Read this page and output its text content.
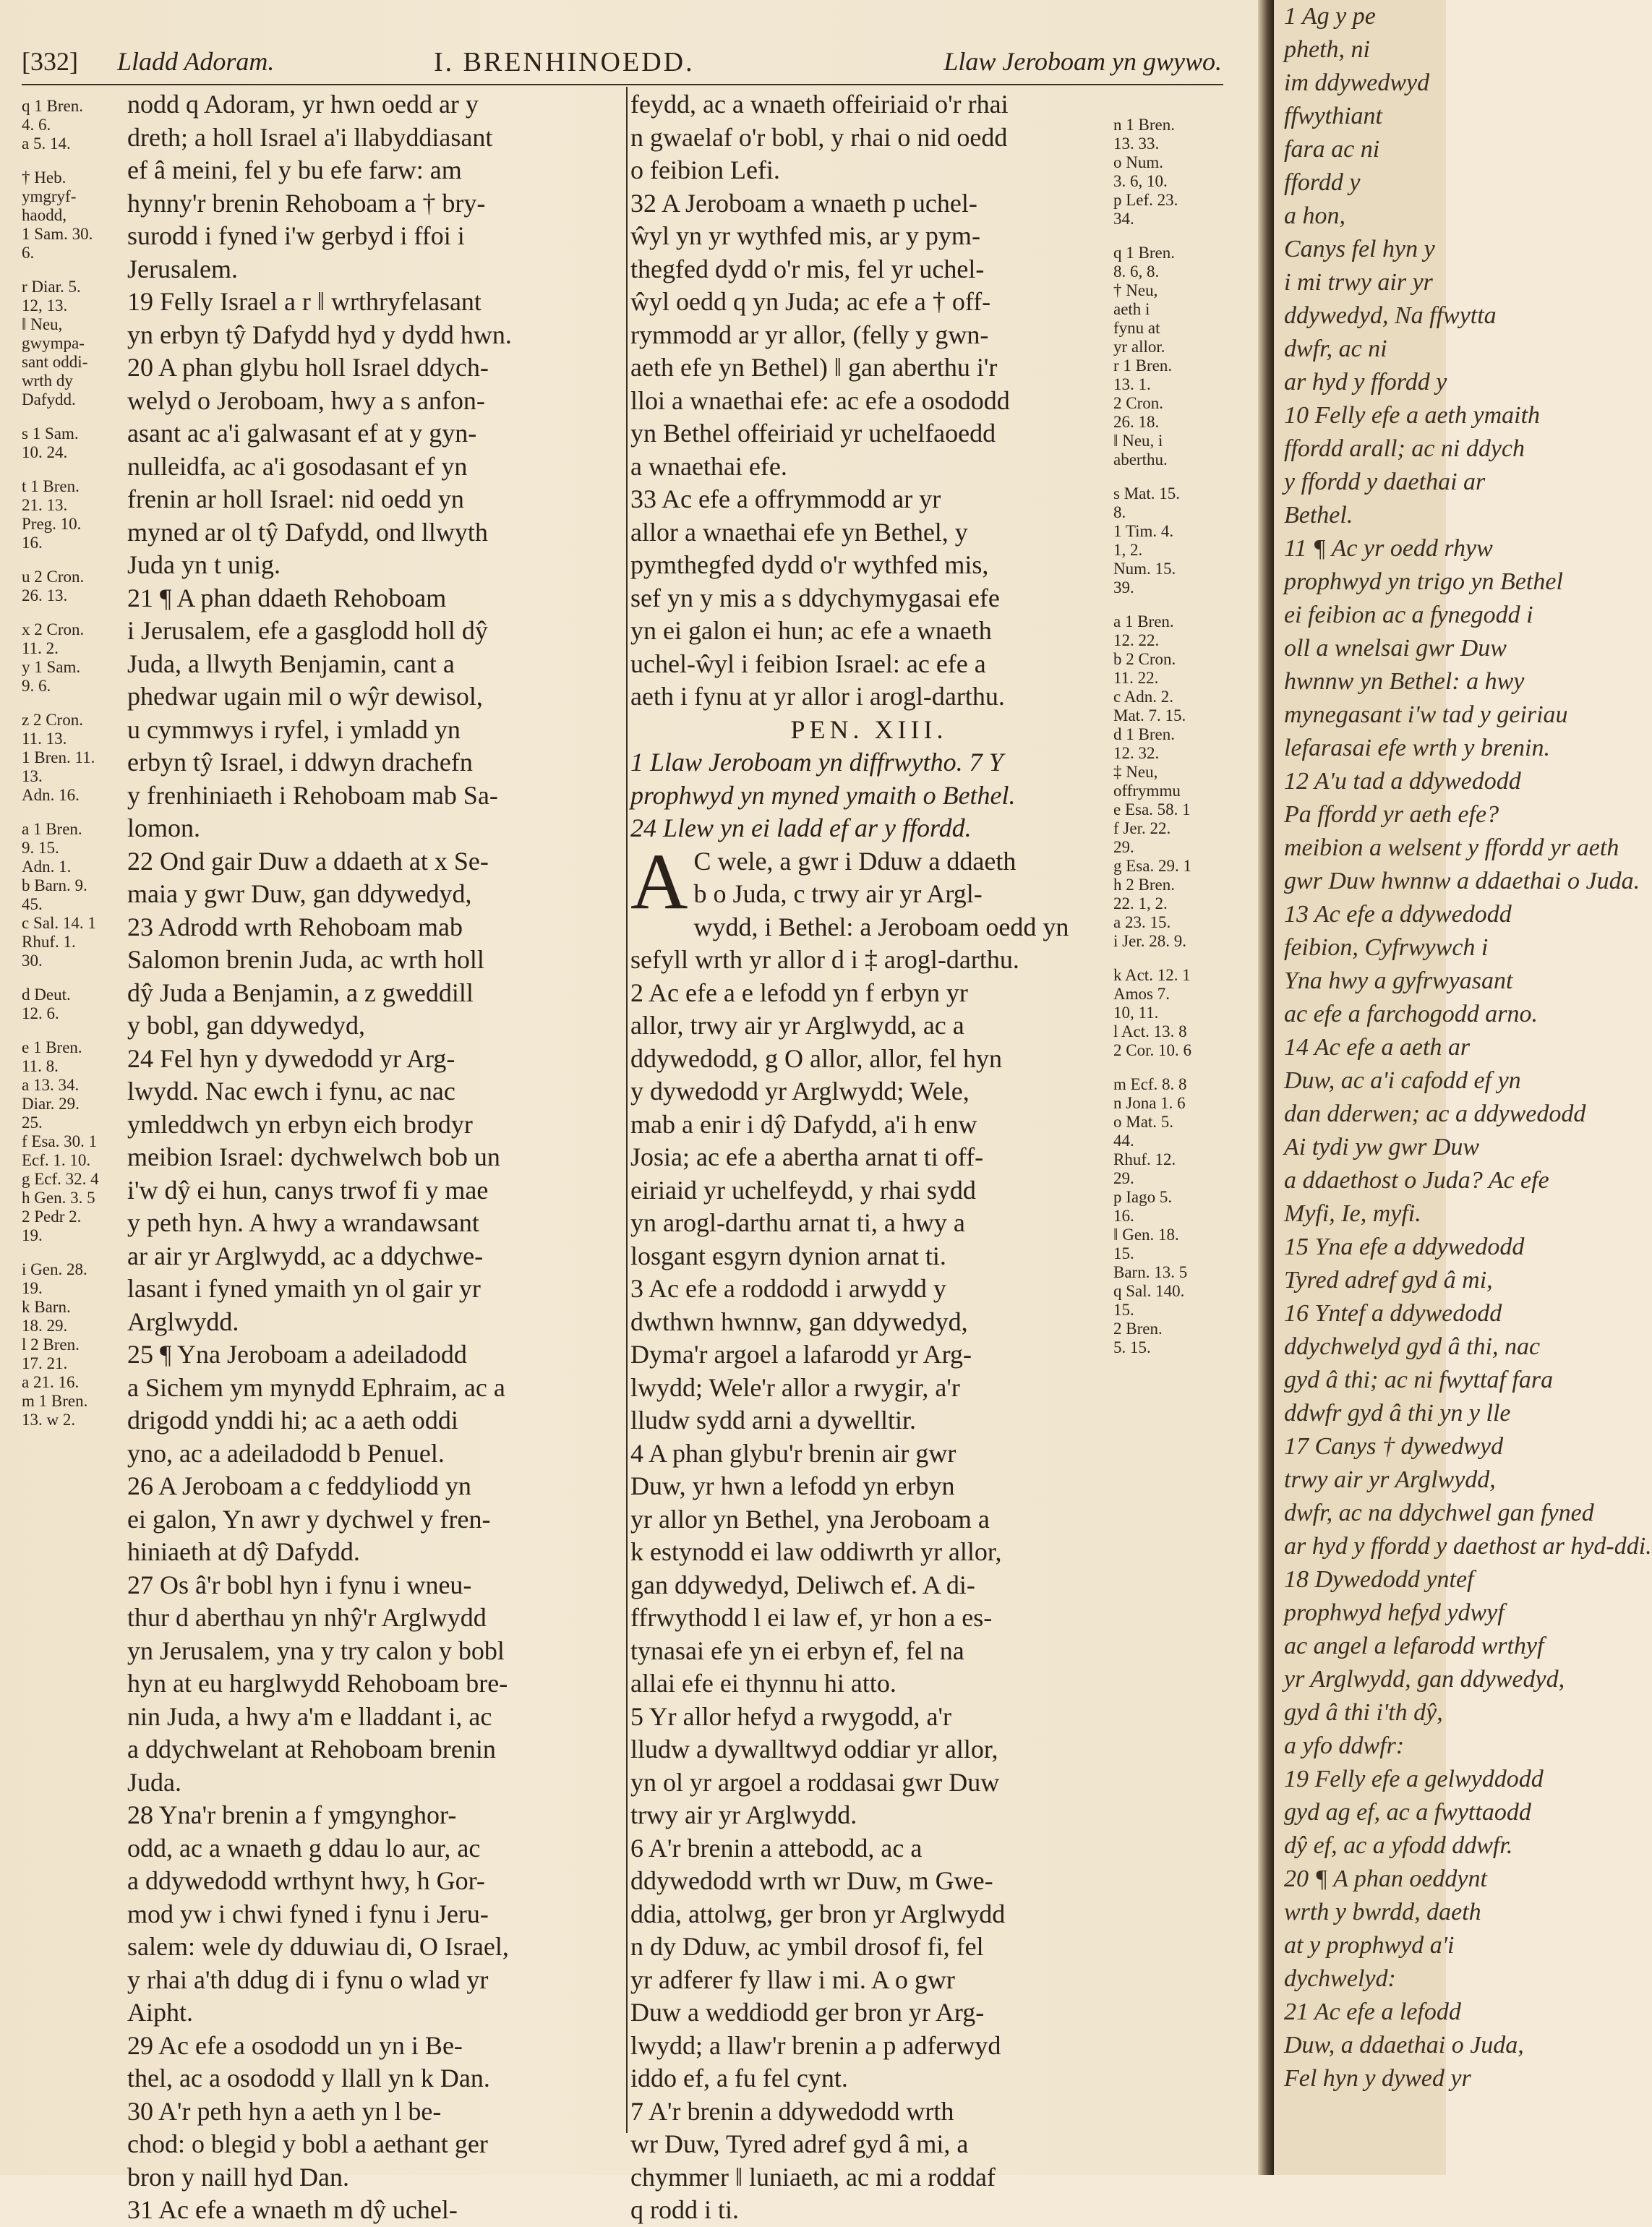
[332] Lladd Adoram.	I. BRENHINOEDD.	Llaw Jeroboam yn gwywo.
q 1 Bren.
4. 6.
a 5. 14.
† Heb.
ymgryf-
haodd,
1 Sam. 30.
6.
r Diar. 5.
12, 13.
‖ Neu,
gwympa-
sant oddi-
wrth dy
Dafydd.
s 1 Sam.
10. 24.
t 1 Bren.
21. 13.
Preg. 10.
16.
u 2 Cron.
26. 13.
x 2 Cron.
11. 2.
y 1 Sam.
9. 6.
z 2 Cron.
11. 13.
1 Bren. 11.
13.
Adn. 16.
a 1 Bren.
9. 15.
Adn. 1.
b Barn. 9.
45.
c Sal. 14. 1
Rhuf. 1.
30.
d Deut.
12. 6.
e 1 Bren.
11. 8.
a 13. 34.
Diar. 29.
25.
f Esa. 30. 1
Ecf. 1. 10.
g Ecf. 32. 4
h Gen. 3. 5
2 Pedr 2.
19.
i Gen. 28.
19.
k Barn.
18. 29.
l 2 Bren.
17. 21.
a 21. 16.
m 1 Bren.
13. w 2.
nodd q Adoram, yr hwn oedd ar y
dreth; a holl Israel a'i llabyddiasant
ef â meini, fel y bu efe farw: am
hynny'r brenin Rehoboam a † bry-
surodd i fyned i'w gerbyd i ffoi i
Jerusalem.
19 Felly Israel a r ‖ wrthryfelasant
yn erbyn tŷ Dafydd hyd y dydd hwn.
20 A phan glybu holl Israel ddych-
welyd o Jeroboam, hwy a s anfon-
asant ac a'i galwasant ef at y gyn-
nulleidfa, ac a'i gosodasant ef yn
frenin ar holl Israel: nid oedd yn
myned ar ol tŷ Dafydd, ond llwyth
Juda yn t unig.
21 ¶ A phan ddaeth Rehoboam
i Jerusalem, efe a gasglodd holl dŷ
Juda, a llwyth Benjamin, cant a
phedwar ugain mil o wŷr dewisol,
u cymmwys i ryfel, i ymladd yn
erbyn tŷ Israel, i ddwyn drachefn
y frenhiniaeth i Rehoboam mab Sa-
lomon.
22 Ond gair Duw a ddaeth at x Se-
maia y gwr Duw, gan ddywedyd,
23 Adrodd wrth Rehoboam mab
Salomon brenin Juda, ac wrth holl
dŷ Juda a Benjamin, a z gweddill
y bobl, gan ddywedyd,
24 Fel hyn y dywedodd yr Arg-
lwydd. Nac ewch i fynu, ac nac
ymleddwch yn erbyn eich brodyr
meibion Israel: dychwelwch bob un
i'w dŷ ei hun, canys trwof fi y mae
y peth hyn. A hwy a wrandawsant
ar air yr Arglwydd, ac a ddychwe-
lasant i fyned ymaith yn ol gair yr
Arglwydd.
25 ¶ Yna Jeroboam a adeiladodd
a Sichem ym mynydd Ephraim, ac a
drigodd ynddi hi; ac a aeth oddi
yno, ac a adeiladodd b Penuel.
26 A Jeroboam a c feddyliodd yn
ei galon, Yn awr y dychwel y fren-
hiniaeth at dŷ Dafydd.
27 Os â'r bobl hyn i fynu i wneu-
thur d aberthau yn nhŷ'r Arglwydd
yn Jerusalem, yna y try calon y bobl
hyn at eu harglwydd Rehoboam bre-
nin Juda, a hwy a'm e lladdant i, ac
a ddychwelant at Rehoboam brenin
Juda.
28 Yna'r brenin a f ymgynghor-
odd, ac a wnaeth g ddau lo aur, ac
a ddywedodd wrthynt hwy, h Gor-
mod yw i chwi fyned i fynu i Jeru-
salem: wele dy dduwiau di, O Israel,
y rhai a'th ddug di i fynu o wlad yr
Aipht.
29 Ac efe a osododd un yn i Be-
thel, ac a osododd y llall yn k Dan.
30 A'r peth hyn a aeth yn l be-
chod: o blegid y bobl a aethant ger
bron y naill hyd Dan.
31 Ac efe a wnaeth m dŷ uchel-
feydd, ac a wnaeth offeiriaid o'r rhai
n gwaelaf o'r bobl, y rhai o nid oedd
o feibion Lefi.
32 A Jeroboam a wnaeth p uchel-
ŵyl yn yr wythfed mis, ar y pym-
thegfed dydd o'r mis, fel yr uchel-
ŵyl oedd q yn Juda; ac efe a † off-
rymmodd ar yr allor, (felly y gwn-
aeth efe yn Bethel) ‖ gan aberthu i'r
lloi a wnaethai efe: ac efe a osododd
yn Bethel offeiriaid yr uchelfaoedd
a wnaethai efe.
33 Ac efe a offrymmodd ar yr
allor a wnaethai efe yn Bethel, y
pymthegfed dydd o'r wythfed mis,
sef yn y mis a s ddychymygasai efe
yn ei galon ei hun; ac efe a wnaeth
uchel-ŵyl i feibion Israel: ac efe a
aeth i fynu at yr allor i arogl-darthu.
PEN. XIII.
1 Llaw Jeroboam yn diffrwytho. 7 Y
prophwyd yn myned ymaith o Bethel.
24 Llew yn ei ladd ef ar y ffordd.
A C wele, a gwr i Dduw a ddaeth
b o Juda, c trwy air yr Argl-
wydd, i Bethel: a Jeroboam oedd yn
sefyll wrth yr allor d i ‡ arogl-darthu.
2 Ac efe a e lefodd yn f erbyn yr
allor, trwy air yr Arglwydd, ac a
ddywedodd, g O allor, allor, fel hyn
y dywedodd yr Arglwydd; Wele,
mab a enir i dŷ Dafydd, a'i h enw
Josia; ac efe a abertha arnat ti off-
eiriaid yr uchelfeydd, y rhai sydd
yn arogl-darthu arnat ti, a hwy a
losgant esgyrn dynion arnat ti.
3 Ac efe a roddodd i arwydd y
dwthwn hwnnw, gan ddywedyd,
Dyma'r argoel a lafarodd yr Arg-
lwydd; Wele'r allor a rwygir, a'r
lludw sydd arni a dywelltir.
4 A phan glybu'r brenin air gwr
Duw, yr hwn a lefodd yn erbyn
yr allor yn Bethel, yna Jeroboam a
k estynodd ei law oddiwrth yr allor,
gan ddywedyd, Deliwch ef. A di-
ffrwythodd l ei law ef, yr hon a es-
tynasai efe yn ei erbyn ef, fel na
allai efe ei thynnu hi atto.
5 Yr allor hefyd a rwygodd, a'r
lludw a dywalltwyd oddiar yr allor,
yn ol yr argoel a roddasai gwr Duw
trwy air yr Arglwydd.
6 A'r brenin a attebodd, ac a
ddywedodd wrth wr Duw, m Gwe-
ddia, attolwg, ger bron yr Arglwydd
n dy Dduw, ac ymbil drosof fi, fel
yr adferer fy llaw i mi. A o gwr
Duw a weddiodd ger bron yr Arg-
lwydd; a llaw'r brenin a p adferwyd
iddo ef, a fu fel cynt.
7 A'r brenin a ddywedodd wrth
wr Duw, Tyred adref gyd â mi, a
chymmer ‖ luniaeth, ac mi a roddaf
q rodd i ti.
n 1 Bren.
13. 33.
o Num.
3. 6, 10.
p Lef. 23.
34.
q 1 Bren.
8. 6, 8.
† Neu,
aeth i
fynu at
yr allor.
r 1 Bren.
13. 1.
2 Cron.
26. 18.
‖ Neu, i
aberthu.
s Mat. 15.
8.
1 Tim. 4.
1, 2.
Num. 15.
39.
a 1 Bren.
12. 22.
b 2 Cron.
11. 22.
c Adn. 2.
Mat. 7. 15.
d 1 Bren.
12. 32.
‡ Neu,
offrymmu
e Esa. 58. 1
f Jer. 22.
29.
g Esa. 29. 1
h 2 Bren.
22. 1, 2.
a 23. 15.
i Jer. 28. 9.
k Act. 12. 1
Amos 7.
10, 11.
l Act. 13. 8
2 Cor. 10. 6
m Ecf. 8. 8
n Jona 1. 6
o Mat. 5.
44.
Rhuf. 12.
29.
p Iago 5.
16.
‖ Gen. 18.
15.
Barn. 13. 5
q Sal. 140.
15.
2 Bren.
5. 15.
1 Ag y pe
pheth, ni
im ddywedwyd
ffwythiant
fara ac ni
ffordd y
a hon,
Canys fel hyn y
i mi trwy air yr
ddywedyd, Na ffwytta
dwfr, ac ni
ar hyd y ffordd y
10 Felly efe a aeth ymaith
ffordd arall; ac ni ddych
y ffordd y daethai ar
Bethel.
11 ¶ Ac yr oedd rhyw
prophwyd yn trigo yn Bethel
ei feibion ac a fynegodd i
oll a wnelsai gwr Duw
hwnnw yn Bethel: a hwy
mynegasant i'w tad y geiriau
lefarasai efe wrth y brenin.
12 A'u tad a ddywedodd
Pa ffordd yr aeth efe?
meibion a welsent y ffordd yr aeth
gwr Duw hwnnw a ddaethai o Juda.
13 Ac efe a ddywedodd
feibion, Cyfrwywch i
Yna hwy a gyfrwyasant
ac efe a farchogodd arno.
14 Ac efe a aeth ar
Duw, ac a'i cafodd ef yn
dan dderwen; ac a ddywedodd
Ai tydi yw gwr Duw
a ddaethost o Juda? Ac efe
Myfi, Ie, myfi.
15 Yna efe a ddywedodd
Tyred adref gyd â mi,
16 Yntef a ddywedodd
ddychwelyd gyd â thi, nac
gyd â thi; ac ni fwyttaf fara
ddwfr gyd â thi yn y lle
17 Canys † dywedwyd
trwy air yr Arglwydd,
dwfr, ac na ddychwel gan fyned
ar hyd y ffordd y daethost ar hyd-ddi.
18 Dywedodd yntef
prophwyd hefyd ydwyf
ac angel a lefarodd wrthyf
yr Arglwydd, gan ddywedyd,
gyd â thi i'th dŷ,
a yfo ddwfr:
19 Felly efe a gelwyddodd
gyd ag ef, ac a fwyttaodd
dŷ ef, ac a yfodd ddwfr.
20 ¶ A phan oeddynt
wrth y bwrdd, daeth
at y prophwyd a'i
dychwelyd:
21 Ac efe a lefodd
Duw, a ddaethai o Juda,
Fel hyn y dywed yr
